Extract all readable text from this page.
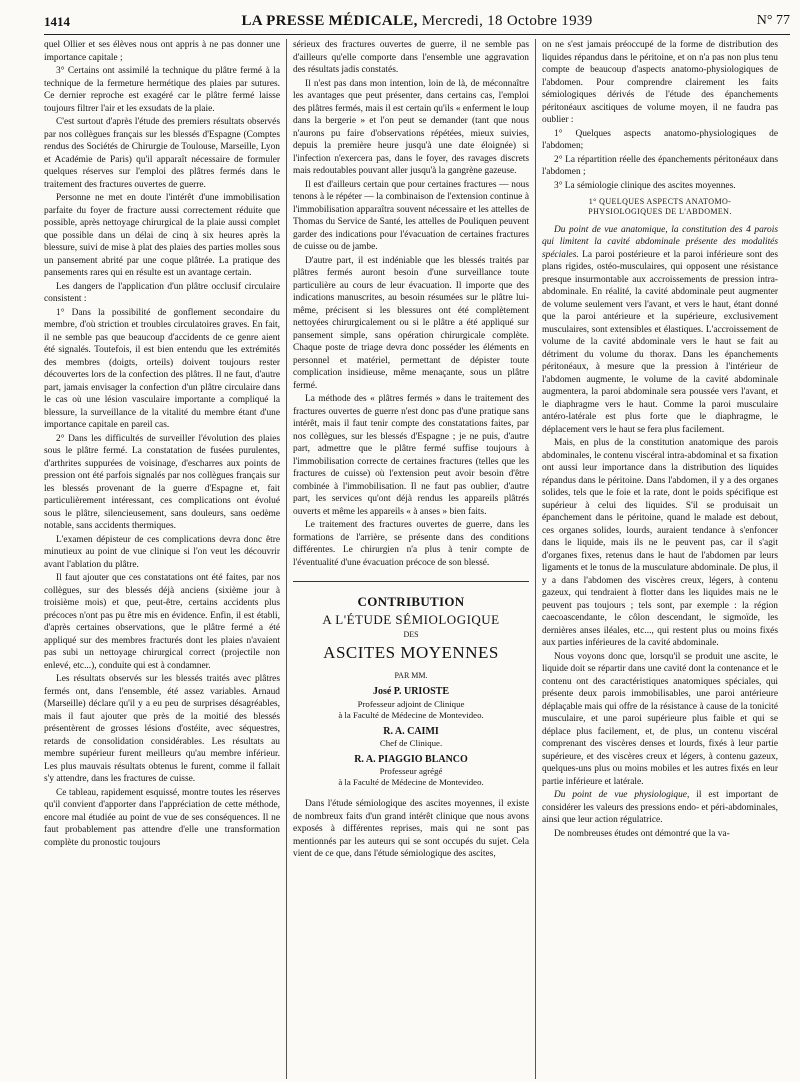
1414	LA PRESSE MÉDICALE, Mercredi, 18 Octobre 1939	N° 77

quel Ollier et ses élèves nous ont appris à ne pas donner une importance capitale ;

3° Certains ont assimilé la technique du plâtre fermé à la technique de la fermeture hermétique des plaies par sutures. Ce dernier reproche est exagéré car le plâtre fermé laisse toujours filtrer l'air et les exsudats de la plaie.

C'est surtout d'après l'étude des premiers résultats observés par nos collègues français sur les blessés d'Espagne (Comptes rendus des Sociétés de Chirurgie de Toulouse, Marseille, Lyon et Académie de Paris) qu'il apparaît nécessaire de formuler quelques réserves sur l'emploi des plâtres fermés dans le traitement des fractures ouvertes de guerre.

Personne ne met en doute l'intérêt d'une immobilisation parfaite du foyer de fracture aussi correctement réduite que possible, après nettoyage chirurgical de la plaie aussi complet que possible dans un délai de cinq à six heures après la blessure, suivi de mise à plat des plaies des parties molles sous un pansement abrité par une coque plâtrée. La pratique des pansements rares qui en résulte est un avantage certain.

Les dangers de l'application d'un plâtre occlusif circulaire consistent :

1° Dans la possibilité de gonflement secondaire du membre, d'où striction et troubles circulatoires graves. En fait, il ne semble pas que beaucoup d'accidents de ce genre aient été signalés. Toutefois, il est bien entendu que les extrémités des membres (doigts, orteils) doivent toujours rester découvertes lors de la confection des plâtres. Il ne faut, d'autre part, jamais envisager la confection d'un plâtre circulaire dans le cas où une lésion vasculaire importante a compliqué la blessure, la surveillance de la vitalité du membre étant d'une importance capitale en pareil cas.

2° Dans les difficultés de surveiller l'évolution des plaies sous le plâtre fermé. La constatation de fusées purulentes, d'arthrites suppurées de voisinage, d'escharres aux points de pression ont été parfois signalés par nos collègues français sur les blessés provenant de la guerre d'Espagne et, fait particulièrement intéressant, ces complications ont évolué sous le plâtre, silencieusement, sans douleurs, sans oedème notable, sans accidents thermiques.

L'examen dépisteur de ces complications devra donc être minutieux au point de vue clinique si l'on veut les découvrir avant l'ablation du plâtre.

Il faut ajouter que ces constatations ont été faites, par nos collègues, sur des blessés déjà anciens (sixième jour à troisième mois) et que, peut-être, certains accidents plus précoces n'ont pas pu être mis en évidence. Enfin, il est établi, d'après certaines observations, que le plâtre fermé a été appliqué sur des membres fracturés dont les plaies n'avaient pas subi un nettoyage chirurgical correct (projectile non enlevé, etc...), conduite qui est à condamner.

Les résultats observés sur les blessés traités avec plâtres fermés ont, dans l'ensemble, été assez variables. Arnaud (Marseille) déclare qu'il y a eu peu de surprises désagréables, mais il faut ajouter que près de la moitié des blessés présentèrent de grosses lésions d'ostéite, avec séquestres, retards de consolidation considérables. Les résultats au membre supérieur furent meilleurs qu'au membre inférieur. Les plus mauvais résultats obtenus le furent, comme il fallait s'y attendre, dans les fractures de cuisse.

Ce tableau, rapidement esquissé, montre toutes les réserves qu'il convient d'apporter dans l'appréciation de cette méthode, encore mal étudiée au point de vue de ses conséquences. Il ne faut probablement pas attendre d'elle une transformation complète du pronostic toujours

sérieux des fractures ouvertes de guerre, il ne semble pas d'ailleurs qu'elle comporte dans l'ensemble une aggravation des résultats jadis constatés.

Il n'est pas dans mon intention, loin de là, de méconnaître les avantages que peut présenter, dans certains cas, l'emploi des plâtres fermés, mais il est certain qu'ils « enferment le loup dans la bergerie » et l'on peut se demander (tant que nous n'aurons pu faire d'observations répétées, mieux suivies, depuis la première heure jusqu'à une date éloignée) si l'infection n'exercera pas, dans le foyer, des ravages discrets mais redoutables pouvant aller jusqu'à la gangrène gazeuse.

Il est d'ailleurs certain que pour certaines fractures — nous tenons à le répéter — la combinaison de l'extension continue à l'immobilisation apparaîtra souvent nécessaire et les attelles de Thomas du Service de Santé, les attelles de Pouliquen peuvent garder des indications pour l'évacuation de certaines fractures de cuisse ou de jambe.

D'autre part, il est indéniable que les blessés traités par plâtres fermés auront besoin d'une surveillance toute particulière au cours de leur évacuation. Il importe que des indications manuscrites, au besoin résumées sur le plâtre lui-même, précisent si les blessures ont été complètement nettoyées chirurgicalement ou si le plâtre a été appliqué sur pansement simple, sans opération chirurgicale complète. Chaque poste de triage devra donc posséder les éléments en personnel et matériel, permettant de dépister toute complication insidieuse, même menaçante, sous un plâtre fermé.

La méthode des « plâtres fermés » dans le traitement des fractures ouvertes de guerre n'est donc pas d'une pratique sans intérêt, mais il faut tenir compte des constatations faites, par nos collègues, sur les blessés d'Espagne ; je ne puis, d'autre part, admettre que le plâtre fermé suffise toujours à l'immobilisation correcte de certaines fractures (telles que les fractures de cuisse) où l'extension peut avoir besoin d'être combinée à l'immobilisation. Il ne faut pas oublier, d'autre part, les services qu'ont déjà rendus les appareils plâtrés ouverts et même les appareils « à anses » bien faits.

Le traitement des fractures ouvertes de guerre, dans les formations de l'arrière, se présente dans des conditions différentes. Le chirurgien n'a plus à tenir compte de l'éventualité d'une évacuation précoce de son blessé.

CONTRIBUTION
A L'ÉTUDE SÉMIOLOGIQUE
DES
ASCITES MOYENNES
PAR MM.
José P. URIOSTE
Professeur adjoint de Clinique
à la Faculté de Médecine de Montevideo.
R. A. CAIMI
Chef de Clinique.
R. A. PIAGGIO BLANCO
Professeur agrégé
à la Faculté de Médecine de Montevideo.

Dans l'étude sémiologique des ascites moyennes, il existe de nombreux faits d'un grand intérêt clinique que nous avons exposés à différentes reprises, mais qui ne sont pas mentionnés par les auteurs qui se sont occupés du sujet. Cela vient de ce que, dans l'étude sémiologique des ascites,

on ne s'est jamais préoccupé de la forme de distribution des liquides répandus dans le péritoine, et on n'a pas non plus tenu compte de beaucoup d'aspects anatomo-physiologiques de l'abdomen. Pour comprendre clairement les faits sémiologiques dérivés de l'étude des épanchements péritonéaux ascitiques de volume moyen, il ne faudra pas oublier :

1° Quelques aspects anatomo-physiologiques de l'abdomen;

2° La répartition réelle des épanchements péritonéaux dans l'abdomen ;

3° La sémiologie clinique des ascites moyennes.

1° QUELQUES ASPECTS ANATOMO-PHYSIOLOGIQUES DE L'ABDOMEN.

Du point de vue anatomique, la constitution des 4 parois qui limitent la cavité abdominale présente des modalités spéciales. La paroi postérieure et la paroi inférieure sont des plans rigides, ostéo-musculaires, qui opposent une résistance presque insurmontable aux accroissements de pression intra-abdominale. En réalité, la cavité abdominale peut augmenter de volume seulement vers l'avant, et vers le haut, étant donné que la paroi antérieure et la supérieure, exclusivement musculaires, sont extensibles et élastiques. L'accroissement de volume de la cavité abdominale vers le haut se fait au détriment du volume du thorax. Dans les épanchements péritonéaux, à mesure que la pression à l'intérieur de l'abdomen augmente, le volume de la cavité abdominale augmentera, la paroi abdominale sera poussée vers l'avant, et le diaphragme vers le haut. Comme la paroi musculaire antéro-latérale est plus forte que le diaphragme, le déplacement vers le haut se fera plus facilement.

Mais, en plus de la constitution anatomique des parois abdominales, le contenu viscéral intra-abdominal et sa fixation ont aussi leur importance dans la distribution des liquides répandus dans le péritoine. Dans l'abdomen, il y a des organes solides, tels que le foie et la rate, dont le poids spécifique est supérieur à celui des liquides. S'il se produisait un épanchement dans le péritoine, quand le malade est debout, ces organes solides, lourds, auraient tendance à s'enfoncer dans le liquide, mais ils ne le peuvent pas, car il s'agit d'organes fixes, retenus dans le haut de l'abdomen par leurs ligaments et le tonus de la musculature abdominale. De plus, il y a dans l'abdomen des viscères creux, légers, à contenu gazeux, qui tendraient à flotter dans les liquides mais ne le peuvent pas toujours ; tels sont, par exemple : la région caecoascendante, le côlon descendant, le sigmoïde, les dernières anses iléales, etc..., qui restent plus ou moins fixés aux parties inférieures de la cavité abdominale.

Nous voyons donc que, lorsqu'il se produit une ascite, le liquide doit se répartir dans une cavité dont la contenance et le contenu ont des caractéristiques anatomiques spéciales, qui présente deux parois immobilisables, une paroi antérieure déplaçable mais qui offre de la résistance à cause de la tonicité musculaire, et une paroi supérieure plus faible et qui se déplace plus facilement, et, de plus, un contenu viscéral comprenant des viscères denses et lourds, fixés à leur partie supérieure, et des viscères creux et légers, à contenu gazeux, quelques-uns plus ou moins mobiles et les autres fixés en leur partie inférieure et latérale.

Du point de vue physiologique, il est important de considérer les valeurs des pressions endo- et péri-abdominales, ainsi que leur action régulatrice.

De nombreuses études ont démontré que la va-
